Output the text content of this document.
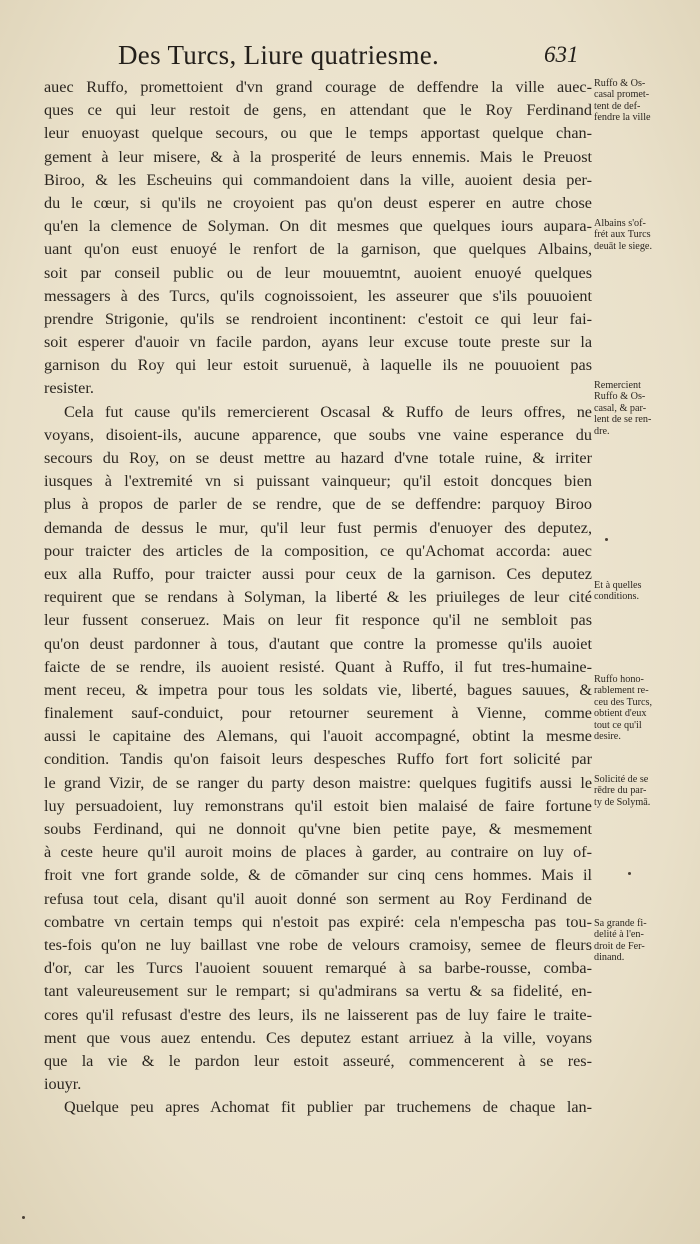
Des Turcs, Liure quatriesme.	631
auec Ruffo, promettoient d'vn grand courage de deffendre la ville auec-
ques ce qui leur restoit de gens, en attendant que le Roy Ferdinand
leur enuoyast quelque secours, ou que le temps apportast quelque chan-
gement à leur misere, & à la prosperité de leurs ennemis. Mais le Preuost
Biroo, & les Escheuins qui commandoient dans la ville, auoient desia per-
du le cœur, si qu'ils ne croyoient pas qu'on deust esperer en autre chose
qu'en la clemence de Solyman. On dit mesmes que quelques iours aupara-
uant qu'on eust enuoyé le renfort de la garnison, que quelques Albains,
soit par conseil public ou de leur mouuemtnt, auoient enuoyé quelques
messagers à des Turcs, qu'ils cognoissoient, les asseurer que s'ils pouuoient
prendre Strigonie, qu'ils se rendroient incontinent: c'estoit ce qui leur fai-
soit esperer d'auoir vn facile pardon, ayans leur excuse toute preste sur la
garnison du Roy qui leur estoit suruenuë, à laquelle ils ne pouuoient pas
resister.
Cela fut cause qu'ils remercierent Oscasal & Ruffo de leurs offres, ne
voyans, disoient-ils, aucune apparence, que soubs vne vaine esperance du
secours du Roy, on se deust mettre au hazard d'vne totale ruine, & irriter
iusques à l'extremité vn si puissant vainqueur; qu'il estoit doncques bien
plus à propos de parler de se rendre, que de se deffendre: parquoy Biroo
demanda de dessus le mur, qu'il leur fust permis d'enuoyer des deputez,
pour traicter des articles de la composition, ce qu'Achomat accorda: auec
eux alla Ruffo, pour traicter aussi pour ceux de la garnison. Ces deputez
requirent que se rendans à Solyman, la liberté & les priuileges de leur cité
leur fussent conseruez. Mais on leur fit responce qu'il ne sembloit pas
qu'on deust pardonner à tous, d'autant que contre la promesse qu'ils auoiet
faicte de se rendre, ils auoient resisté. Quant à Ruffo, il fut tres-humaine-
ment receu, & impetra pour tous les soldats vie, liberté, bagues sauues, &
finalement sauf-conduict, pour retourner seurement à Vienne, comme
aussi le capitaine des Alemans, qui l'auoit accompagné, obtint la mesme
condition. Tandis qu'on faisoit leurs despesches Ruffo fort fort solicité par
le grand Vizir, de se ranger du party deson maistre: quelques fugitifs aussi le
luy persuadoient, luy remonstrans qu'il estoit bien malaisé de faire fortune
soubs Ferdinand, qui ne donnoit qu'vne bien petite paye, & mesmement
à ceste heure qu'il auroit moins de places à garder, au contraire on luy of-
froit vne fort grande solde, & de cōmander sur cinq cens hommes. Mais il
refusa tout cela, disant qu'il auoit donné son serment au Roy Ferdinand de
combatre vn certain temps qui n'estoit pas expiré: cela n'empescha pas tou-
tes-fois qu'on ne luy baillast vne robe de velours cramoisy, semee de fleurs
d'or, car les Turcs l'auoient souuent remarqué à sa barbe-rousse, comba-
tant valeureusement sur le rempart; si qu'admirans sa vertu & sa fidelité, en-
cores qu'il refusast d'estre des leurs, ils ne laisserent pas de luy faire le traite-
ment que vous auez entendu. Ces deputez estant arriuez à la ville, voyans
que la vie & le pardon leur estoit asseuré, commencerent à se res-
iouyr.
Quelque peu apres Achomat fit publier par truchemens de chaque lan-
Ruffo & Os-
casal promet-
tent de def-
fendre la ville
Albains s'of-
frét aux Turcs
deuāt le siege.
Remercient
Ruffo & Os-
casal, & par-
lent de se ren-
dre.
Et à quelles
conditions.
Ruffo hono-
rablement re-
ceu des Turcs,
obtient d'eux
tout ce qu'il
desire.
Solicité de se
rēdre du par-
ty de Solymā.
Sa grande fi-
delité à l'en-
droit de Fer-
dinand.
